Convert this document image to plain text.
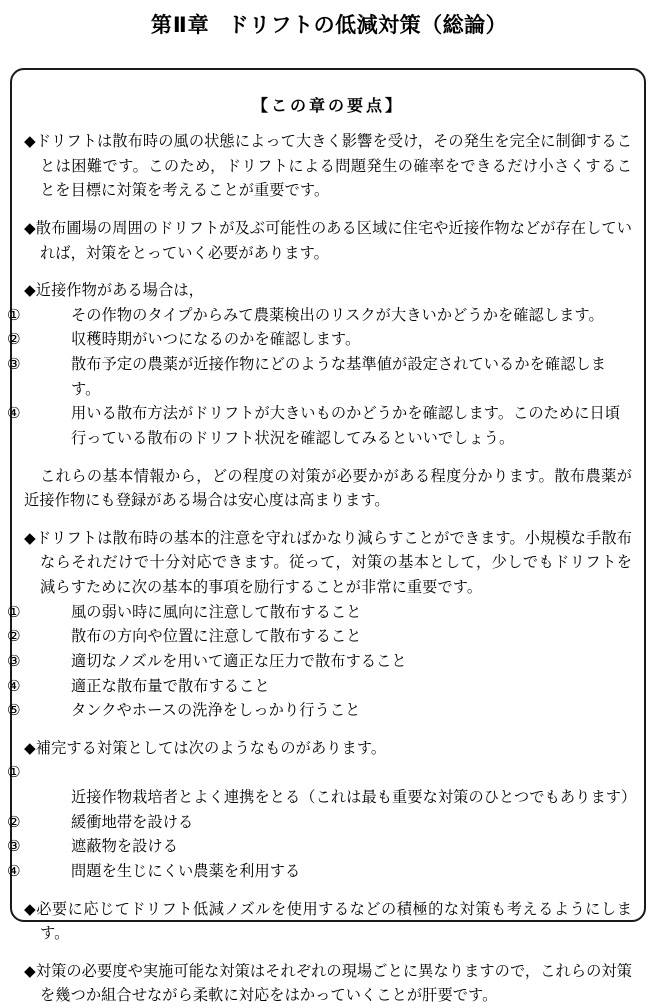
第Ⅱ章 ドリフトの低減対策（総論）
【この章の要点】

◆ドリフトは散布時の風の状態によって大きく影響を受け，その発生を完全に制御することは困難です。このため，ドリフトによる問題発生の確率をできるだけ小さくすることを目標に対策を考えることが重要です。

◆散布圃場の周囲のドリフトが及ぶ可能性のある区域に住宅や近接作物などが存在していれば，対策をとっていく必要があります。

◆近接作物がある場合は，

①	その作物のタイプからみて農薬検出のリスクが大きいかどうかを確認します。
②	収穫時期がいつになるのかを確認します。
③	散布予定の農薬が近接作物にどのような基準値が設定されているかを確認します。
④	用いる散布方法がドリフトが大きいものかどうかを確認します。このために日頃行っている散布のドリフト状況を確認してみるといいでしょう。

これらの基本情報から，どの程度の対策が必要かがある程度分かります。散布農薬が近接作物にも登録がある場合は安心度は高まります。

◆ドリフトは散布時の基本的注意を守ればかなり減らすことができます。小規模な手散布ならそれだけで十分対応できます。従って，対策の基本として，少しでもドリフトを減らすために次の基本的事項を励行することが非常に重要です。

①	風の弱い時に風向に注意して散布すること
②	散布の方向や位置に注意して散布すること
③	適切なノズルを用いて適正な圧力で散布すること
④	適正な散布量で散布すること
⑤	タンクやホースの洗浄をしっかり行うこと

◆補完する対策としては次のようなものがあります。

①近接作物栽培者とよく連携をとる（これは最も重要な対策のひとつでもあります）
②	緩衝地帯を設ける
③	遮蔽物を設ける
④	問題を生じにくい農薬を利用する

◆必要に応じてドリフト低減ノズルを使用するなどの積極的な対策も考えるようにします。

◆対策の必要度や実施可能な対策はそれぞれの現場ごとに異なりますので，これらの対策を幾つか組合せながら柔軟に対応をはかっていくことが肝要です。
